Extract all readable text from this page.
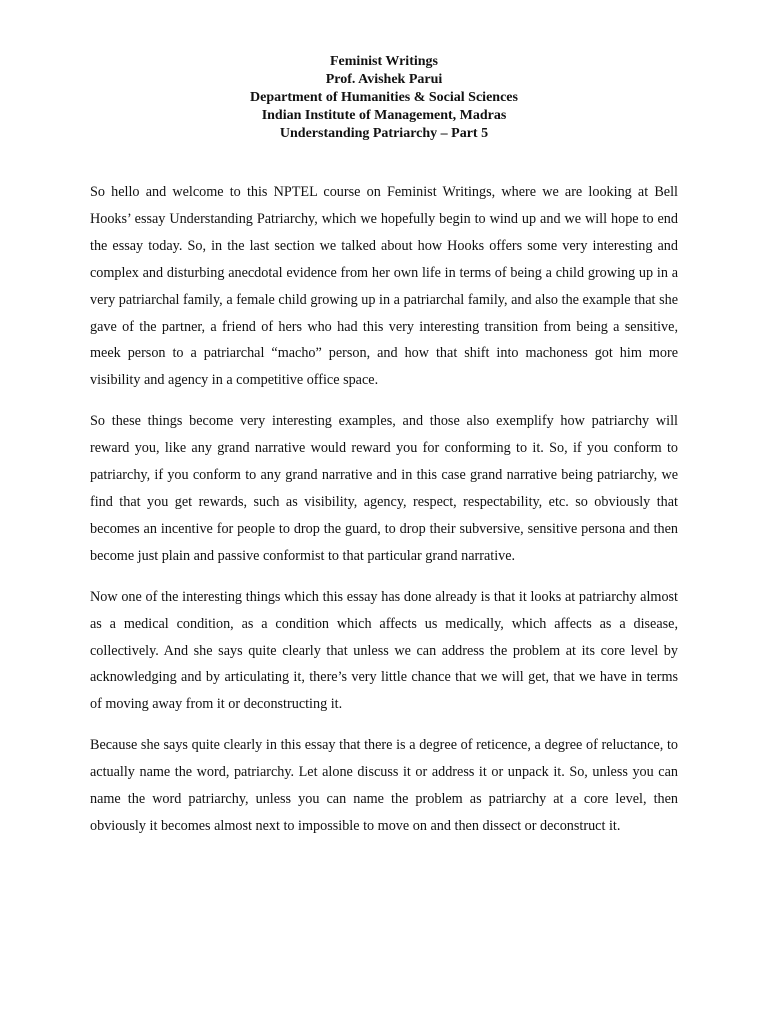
Feminist Writings
Prof. Avishek Parui
Department of Humanities & Social Sciences
Indian Institute of Management, Madras
Understanding Patriarchy – Part 5

So hello and welcome to this NPTEL course on Feminist Writings, where we are looking at Bell Hooks’ essay Understanding Patriarchy, which we hopefully begin to wind up and we will hope to end the essay today. So, in the last section we talked about how Hooks offers some very interesting and complex and disturbing anecdotal evidence from her own life in terms of being a child growing up in a very patriarchal family, a female child growing up in a patriarchal family, and also the example that she gave of the partner, a friend of hers who had this very interesting transition from being a sensitive, meek person to a patriarchal “macho” person, and how that shift into machoness got him more visibility and agency in a competitive office space.

So these things become very interesting examples, and those also exemplify how patriarchy will reward you, like any grand narrative would reward you for conforming to it. So, if you conform to patriarchy, if you conform to any grand narrative and in this case grand narrative being patriarchy, we find that you get rewards, such as visibility, agency, respect, respectability, etc. so obviously that becomes an incentive for people to drop the guard, to drop their subversive, sensitive persona and then become just plain and passive conformist to that particular grand narrative.

Now one of the interesting things which this essay has done already is that it looks at patriarchy almost as a medical condition, as a condition which affects us medically, which affects as a disease, collectively. And she says quite clearly that unless we can address the problem at its core level by acknowledging and by articulating it, there’s very little chance that we will get, that we have in terms of moving away from it or deconstructing it.

Because she says quite clearly in this essay that there is a degree of reticence, a degree of reluctance, to actually name the word, patriarchy. Let alone discuss it or address it or unpack it. So, unless you can name the word patriarchy, unless you can name the problem as patriarchy at a core level, then obviously it becomes almost next to impossible to move on and then dissect or deconstruct it.
